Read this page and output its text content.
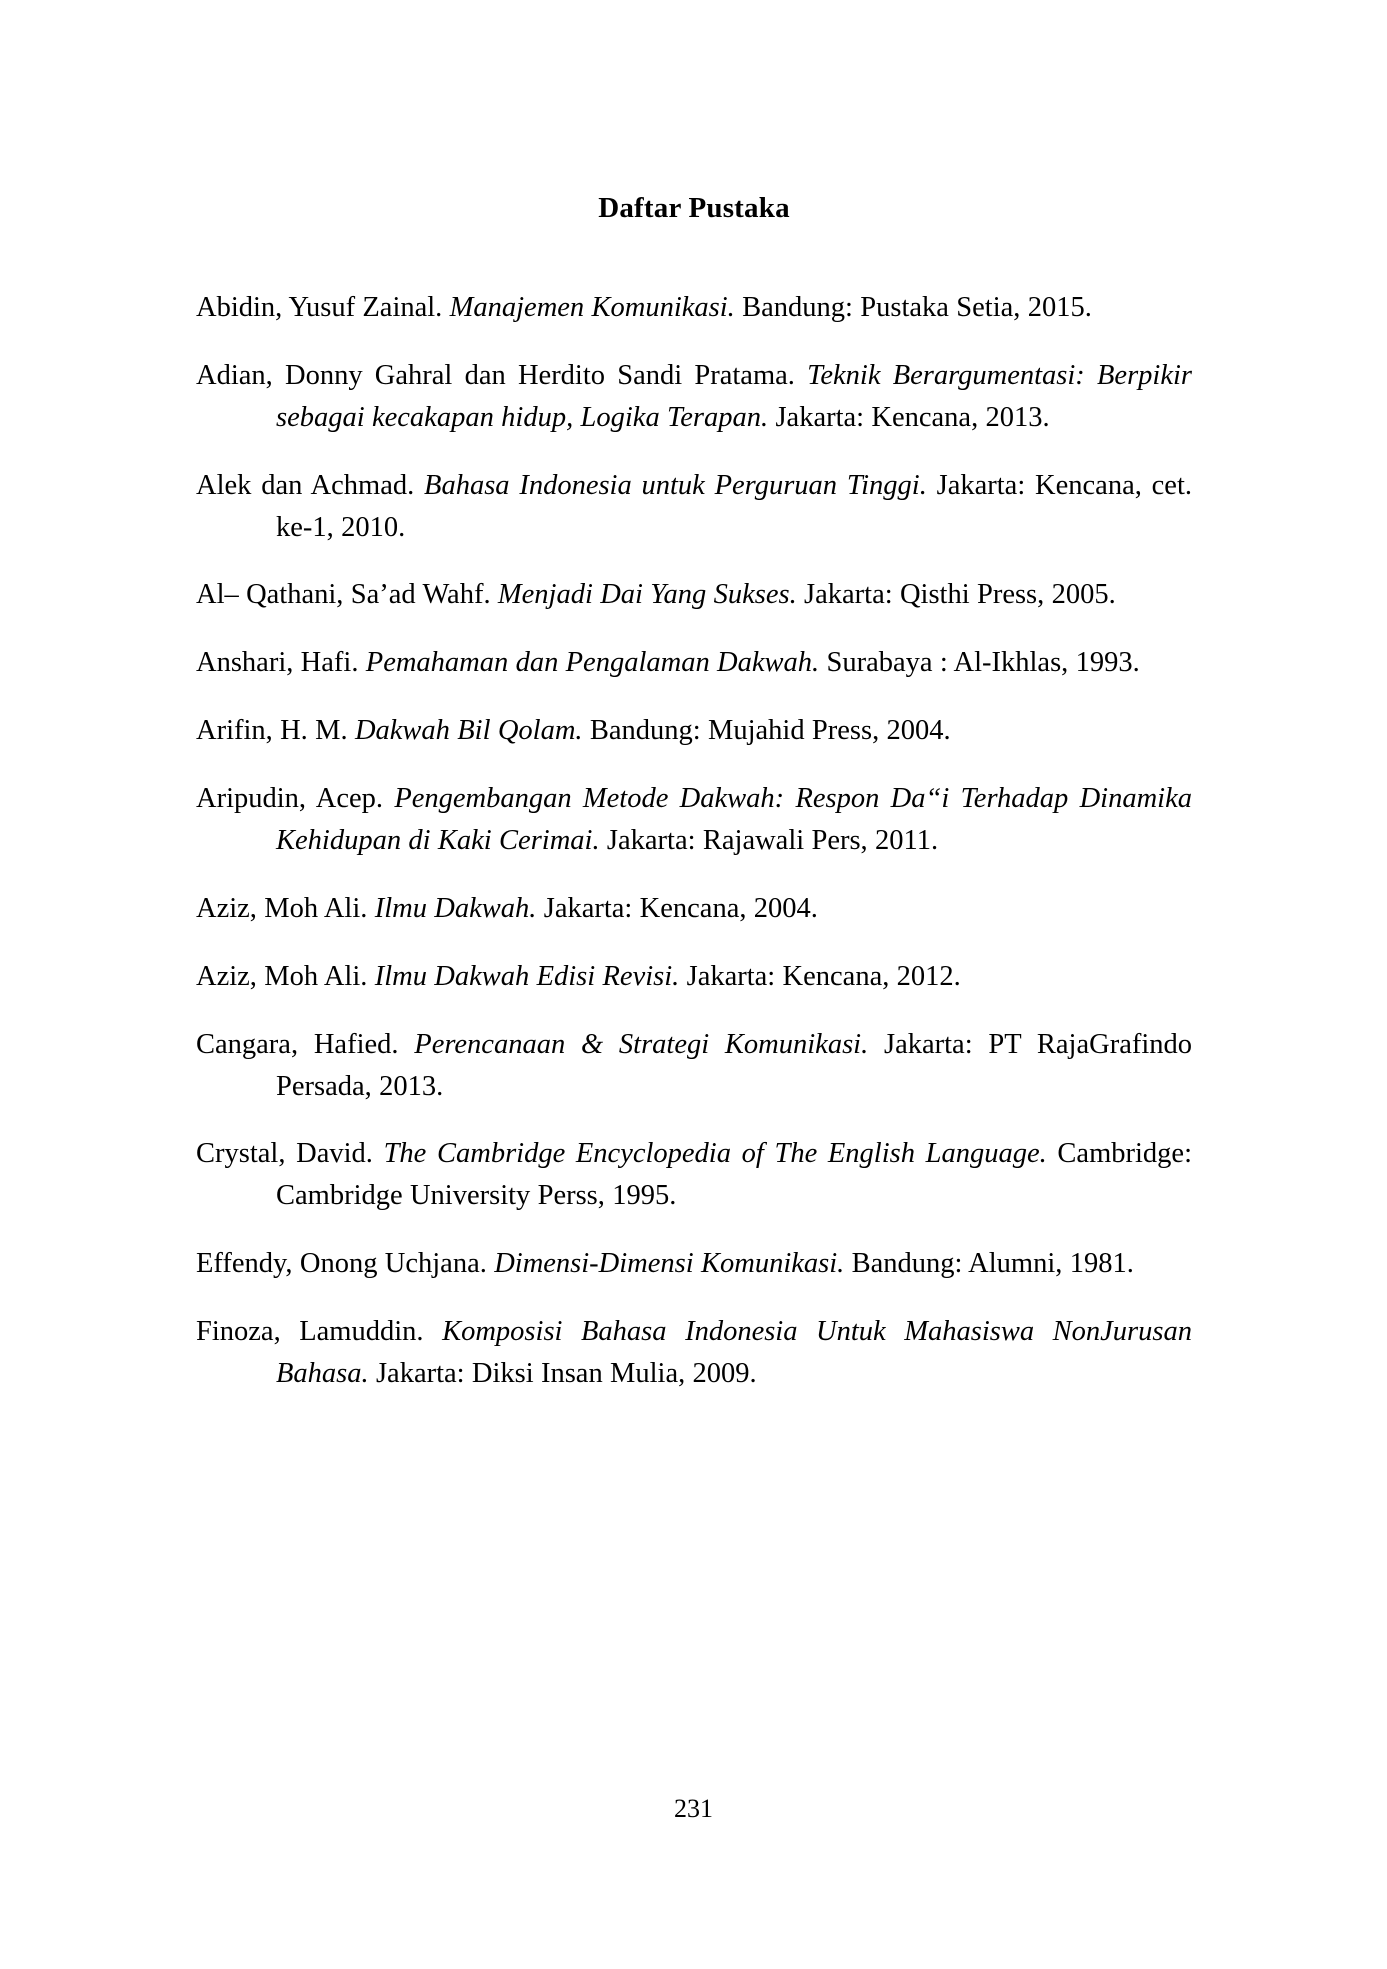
Daftar Pustaka
Abidin, Yusuf Zainal. Manajemen Komunikasi. Bandung: Pustaka Setia, 2015.
Adian, Donny Gahral dan Herdito Sandi Pratama. Teknik Berargumentasi: Berpikir sebagai kecakapan hidup, Logika Terapan. Jakarta: Kencana, 2013.
Alek dan Achmad. Bahasa Indonesia untuk Perguruan Tinggi. Jakarta: Kencana, cet. ke-1, 2010.
Al– Qathani, Sa’ad Wahf. Menjadi Dai Yang Sukses. Jakarta: Qisthi Press, 2005.
Anshari, Hafi. Pemahaman dan Pengalaman Dakwah. Surabaya : Al-Ikhlas, 1993.
Arifin, H. M. Dakwah Bil Qolam. Bandung: Mujahid Press, 2004.
Aripudin, Acep. Pengembangan Metode Dakwah: Respon Da“i Terhadap Dinamika Kehidupan di Kaki Cerimai. Jakarta: Rajawali Pers, 2011.
Aziz, Moh Ali. Ilmu Dakwah. Jakarta: Kencana, 2004.
Aziz, Moh Ali. Ilmu Dakwah Edisi Revisi. Jakarta: Kencana, 2012.
Cangara, Hafied. Perencanaan & Strategi Komunikasi. Jakarta: PT RajaGrafindo Persada, 2013.
Crystal, David. The Cambridge Encyclopedia of The English Language. Cambridge: Cambridge University Perss, 1995.
Effendy, Onong Uchjana. Dimensi-Dimensi Komunikasi. Bandung: Alumni, 1981.
Finoza, Lamuddin. Komposisi Bahasa Indonesia Untuk Mahasiswa NonJurusan Bahasa. Jakarta: Diksi Insan Mulia, 2009.
231
